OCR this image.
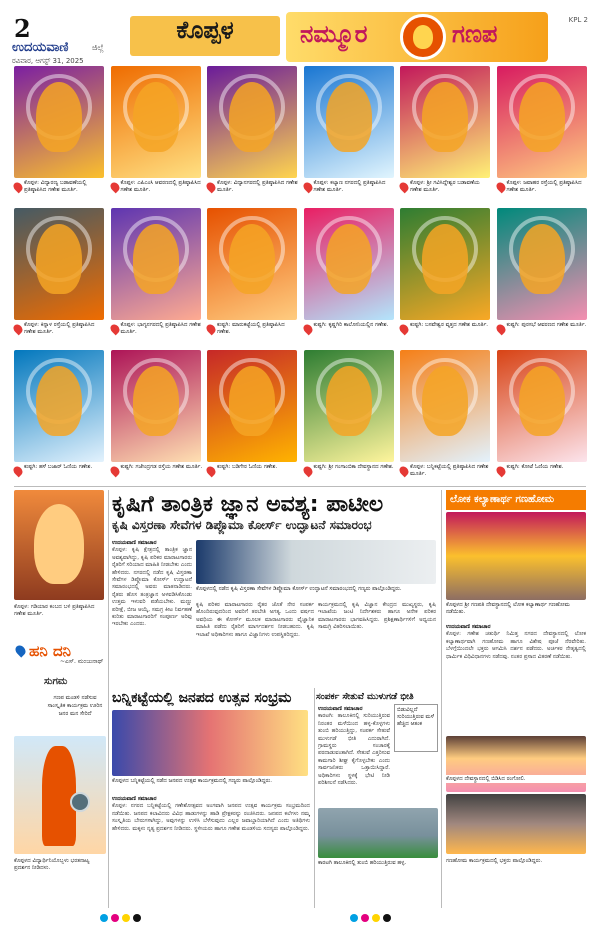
2
ಉದಯವಾಣಿ	ಜಿಲ್ಲೆ
ರವಿವಾರ, ಆಗಸ್ಟ್ 31, 2025
ಕೊಪ್ಪಳ	ನಮ್ಮೂರ	ಗಣಪ	KPL 2
ಕೊಪ್ಪಳ: ವಿದ್ಯಾರಣ್ಯ ಬಡಾವಣೆಯಲ್ಲಿ ಪ್ರತಿಷ್ಠಾಪಿಸಿದ ಗಣೇಶ ಮೂರ್ತಿ.
ಕೊಪ್ಪಳ: ಎಪಿಎಂಸಿ ಆವರಣದಲ್ಲಿ ಪ್ರತಿಷ್ಠಾಪಿಸಿದ ಗಣೇಶ ಮೂರ್ತಿ.
ಕೊಪ್ಪಳ: ವಿದ್ಯಾನಗರದಲ್ಲಿ ಪ್ರತಿಷ್ಠಾಪಿಸಿದ ಗಣೇಶ ಮೂರ್ತಿ.
ಕೊಪ್ಪಳ: ಕಲ್ಯಾಣ ನಗರದಲ್ಲಿ ಪ್ರತಿಷ್ಠಾಪಿಸಿದ ಗಣೇಶ ಮೂರ್ತಿ.
ಕೊಪ್ಪಳ: ಶ್ರೀ ಗವಿಸಿದ್ದೇಶ್ವರ ಬಡಾವಣೆಯ ಗಣೇಶ ಮೂರ್ತಿ.
ಕೊಪ್ಪಳ: ಜವಾಹರ ರಸ್ತೆಯಲ್ಲಿ ಪ್ರತಿಷ್ಠಾಪಿಸಿದ ಗಣೇಶ ಮೂರ್ತಿ.
ಕೊಪ್ಪಳ: ಕಿನ್ನಾಳ ರಸ್ತೆಯಲ್ಲಿ ಪ್ರತಿಷ್ಠಾಪಿಸಿದ ಗಣೇಶ ಮೂರ್ತಿ.
ಕೊಪ್ಪಳ: ಭಾಗ್ಯನಗರದಲ್ಲಿ ಪ್ರತಿಷ್ಠಾಪಿಸಿದ ಗಣೇಶ ಮೂರ್ತಿ.
ಕುಷ್ಟಗಿ: ಮಾರುಕಟ್ಟೆಯಲ್ಲಿ ಪ್ರತಿಷ್ಠಾಪಿಸಿದ ಗಣೇಶ.
ಕುಷ್ಟಗಿ: ಕೃಷ್ಣಗಿರಿ ಕಾಲೋನಿಯಲ್ಲಿನ ಗಣೇಶ.	ಕುಷ್ಟಗಿ: ಬಸವೇಶ್ವರ ವೃತ್ತದ ಗಣೇಶ ಮೂರ್ತಿ.	ಕುಷ್ಟಗಿ: ಪುರಸಭೆ ಆವರಣದ ಗಣೇಶ ಮೂರ್ತಿ.
ಕುಷ್ಟಗಿ: ಹಳೆ ಬಜಾರ್ ಓಣಿಯ ಗಣೇಶ.	ಕುಷ್ಟಗಿ: ಗಜೇಂದ್ರಗಡ ರಸ್ತೆಯ ಗಣೇಶ ಮೂರ್ತಿ.	ಕುಷ್ಟಗಿ: ಬಡಿಗೇರ ಓಣಿಯ ಗಣೇಶ.	ಕುಷ್ಟಗಿ: ಶ್ರೀ ಗಂಗಾಂಬಿಕಾ ದೇವಸ್ಥಾನದ ಗಣೇಶ.	ಕೊಪ್ಪಳ: ಬನ್ನಿಕಟ್ಟೆಯಲ್ಲಿ ಪ್ರತಿಷ್ಠಾಪಿಸಿದ ಗಣೇಶ ಮೂರ್ತಿ.
ಕುಷ್ಟಗಿ: ಕೋಟೆ ಓಣಿಯ ಗಣೇಶ.
ಕೊಪ್ಪಳ: ಗಡಿಯಾರ ಕಂಬದ ಬಳಿ ಪ್ರತಿಷ್ಠಾಪಿಸಿದ ಗಣೇಶ ಮೂರ್ತಿ.
ಹನಿ ದನಿ
~ಎಸ್. ಮಂಜುನಾಥ್
ಸುಗಮ
ಗಣಪ ಮಂಡಳಿ ನಡೆಸುವ ಸಾಂಸ್ಕೃತಿಕ ಕಾರ್ಯಕ್ರಮ ಊರಿನ ಜನರ ಮನ ಸೇರಿದೆ
ಕೊಪ್ಪಳದ ವಿದ್ಯಾರ್ಥಿನಿಯೊಬ್ಬಳು ಭರತನಾಟ್ಯ ಪ್ರದರ್ಶನ ನೀಡಿದಳು.
ಕೃಷಿಗೆ ತಾಂತ್ರಿಕ ಜ್ಞಾನ ಅವಶ್ಯ: ಪಾಟೀಲ
ಕೃಷಿ ವಿಸ್ತರಣಾ ಸೇವೆಗಳ ಡಿಪ್ಲೊಮಾ ಕೋರ್ಸ್ ಉದ್ಘಾಟನೆ ಸಮಾರಂಭ
ಉದಯವಾಣಿ ಸಮಾಚಾರ
ಕೊಪ್ಪಳ: ಕೃಷಿ ಕ್ಷೇತ್ರದಲ್ಲಿ ತಾಂತ್ರಿಕ ಜ್ಞಾನ ಅವಶ್ಯವಾಗಿದ್ದು, ಕೃಷಿ ಪರಿಕರ ಮಾರಾಟಗಾರರು ರೈತರಿಗೆ ಸರಿಯಾದ ಮಾಹಿತಿ ನೀಡಬೇಕು ಎಂದು ಹೇಳಿದರು. ನಗರದಲ್ಲಿ ನಡೆದ ಕೃಷಿ ವಿಸ್ತರಣಾ ಸೇವೆಗಳ ಡಿಪ್ಲೊಮಾ ಕೋರ್ಸ್ ಉದ್ಘಾಟನೆ ಸಮಾರಂಭದಲ್ಲಿ ಅವರು ಮಾತನಾಡಿದರು. ರೈತರು ಹೊಸ ತಂತ್ರಜ್ಞಾನ ಅಳವಡಿಸಿಕೊಂಡು ಉತ್ತಮ ಇಳುವರಿ ಪಡೆಯಬೇಕು. ಮಣ್ಣು ಪರೀಕ್ಷೆ, ಬೀಜ ಆಯ್ಕೆ, ಸಮಗ್ರ ಕೀಟ ನಿರ್ವಹಣೆ ಕುರಿತು ಮಾರಾಟಗಾರರಿಗೆ ಸಂಪೂರ್ಣ ಅರಿವು ಇರಬೇಕು ಎಂದರು.
ಕೊಪ್ಪಳದಲ್ಲಿ ನಡೆದ ಕೃಷಿ ವಿಸ್ತರಣಾ ಸೇವೆಗಳ ಡಿಪ್ಲೊಮಾ ಕೋರ್ಸ್ ಉದ್ಘಾಟನೆ ಸಮಾರಂಭದಲ್ಲಿ ಗಣ್ಯರು ಪಾಲ್ಗೊಂಡಿದ್ದರು.
ಕೃಷಿ ಪರಿಕರ ಮಾರಾಟಗಾರರು ರೈತರ ಜೊತೆ ನೇರ ಸಂಪರ್ಕ ಹೊಂದಿರುವುದರಿಂದ ಅವರಿಗೆ ತರಬೇತಿ ಅಗತ್ಯ. ಒಂದು ವರ್ಷದ ಅವಧಿಯ ಈ ಕೋರ್ಸ್ ಮೂಲಕ ಮಾರಾಟಗಾರರು ವೈಜ್ಞಾನಿಕ ಮಾಹಿತಿ ಪಡೆದು ರೈತರಿಗೆ ಮಾರ್ಗದರ್ಶನ ನೀಡಬಹುದು. ಕೃಷಿ ಇಲಾಖೆ ಅಧಿಕಾರಿಗಳು ಹಾಗೂ ವಿಜ್ಞಾನಿಗಳು ಉಪಸ್ಥಿತರಿದ್ದರು.
ಕಾರ್ಯಕ್ರಮದಲ್ಲಿ ಕೃಷಿ ವಿಜ್ಞಾನ ಕೇಂದ್ರದ ಮುಖ್ಯಸ್ಥರು, ಕೃಷಿ ಇಲಾಖೆಯ ಜಂಟಿ ನಿರ್ದೇಶಕರು ಹಾಗೂ ಅನೇಕ ಪರಿಕರ ಮಾರಾಟಗಾರರು ಭಾಗವಹಿಸಿದ್ದರು. ಪ್ರಶಿಕ್ಷಣಾರ್ಥಿಗಳಿಗೆ ಅಧ್ಯಯನ ಸಾಮಗ್ರಿ ವಿತರಿಸಲಾಯಿತು.
ಬನ್ನಿಕಟ್ಟೆಯಲ್ಲಿ ಜನಪದ ಉತ್ಸವ ಸಂಭ್ರಮ
ಕೊಪ್ಪಳದ ಬನ್ನಿಕಟ್ಟೆಯಲ್ಲಿ ನಡೆದ ಜನಪದ ಉತ್ಸವ ಕಾರ್ಯಕ್ರಮದಲ್ಲಿ ಗಣ್ಯರು ಪಾಲ್ಗೊಂಡಿದ್ದರು.
ಉದಯವಾಣಿ ಸಮಾಚಾರ
ಕೊಪ್ಪಳ: ನಗರದ ಬನ್ನಿಕಟ್ಟೆಯಲ್ಲಿ ಗಣೇಶೋತ್ಸವದ ಅಂಗವಾಗಿ ಜನಪದ ಉತ್ಸವ ಕಾರ್ಯಕ್ರಮ ಸಂಭ್ರಮದಿಂದ ನಡೆಯಿತು. ಜನಪದ ಕಲಾವಿದರು ವಿವಿಧ ಹಾಡುಗಳನ್ನು ಹಾಡಿ ಪ್ರೇಕ್ಷಕರನ್ನು ರಂಜಿಸಿದರು. ಜನಪದ ಕಲೆಗಳು ನಮ್ಮ ಸಂಸ್ಕೃತಿಯ ಬೇರುಗಳಾಗಿದ್ದು, ಅವುಗಳನ್ನು ಉಳಿಸಿ ಬೆಳೆಸುವುದು ಎಲ್ಲರ ಜವಾಬ್ದಾರಿಯಾಗಿದೆ ಎಂದು ಅತಿಥಿಗಳು ಹೇಳಿದರು. ಮಕ್ಕಳು ನೃತ್ಯ ಪ್ರದರ್ಶನ ನೀಡಿದರು. ಸ್ಥಳೀಯರು ಹಾಗೂ ಗಣೇಶ ಮಂಡಳಿಯ ಸದಸ್ಯರು ಪಾಲ್ಗೊಂಡಿದ್ದರು.
ಸಂಪರ್ಕ ಸೇತುವೆ ಮುಳುಗಡೆ ಭೀತಿ
ಬಿಡುವಿಲ್ಲದೆ ಸುರಿಯುತ್ತಿರುವ ಮಳೆ ಹೆಚ್ಚಿದ ಆತಂಕ
ಉದಯವಾಣಿ ಸಮಾಚಾರ
ಕಾರಟಗಿ: ತಾಲೂಕಿನಲ್ಲಿ ಸುರಿಯುತ್ತಿರುವ ನಿರಂತರ ಮಳೆಯಿಂದ ಹಳ್ಳ-ಕೊಳ್ಳಗಳು ತುಂಬಿ ಹರಿಯುತ್ತಿದ್ದು, ಸಂಪರ್ಕ ಸೇತುವೆ ಮುಳುಗಡೆ ಭೀತಿ ಎದುರಾಗಿದೆ. ಗ್ರಾಮಸ್ಥರು ಸಂಚಾರಕ್ಕೆ ಪರದಾಡುವಂತಾಗಿದೆ. ಸೇತುವೆ ಎತ್ತರಿಸುವ ಕಾಮಗಾರಿ ಶೀಘ್ರ ಕೈಗೊಳ್ಳಬೇಕು ಎಂದು ಸಾರ್ವಜನಿಕರು ಒತ್ತಾಯಿಸಿದ್ದಾರೆ. ಅಧಿಕಾರಿಗಳು ಸ್ಥಳಕ್ಕೆ ಭೇಟಿ ನೀಡಿ ಪರಿಶೀಲನೆ ನಡೆಸಿದರು.
ಕಾರಟಗಿ ತಾಲೂಕಿನಲ್ಲಿ ತುಂಬಿ ಹರಿಯುತ್ತಿರುವ ಹಳ್ಳ.
ಲೋಕ ಕಲ್ಯಾಣಾರ್ಥ ಗಣಹೋಮ
ಕೊಪ್ಪಳದ ಶ್ರೀ ಗಣಪತಿ ದೇವಸ್ಥಾನದಲ್ಲಿ ಲೋಕ ಕಲ್ಯಾಣಾರ್ಥ ಗಣಹೋಮ ನಡೆಯಿತು.
ಉದಯವಾಣಿ ಸಮಾಚಾರ
ಕೊಪ್ಪಳ: ಗಣೇಶ ಚತುರ್ಥಿ ನಿಮಿತ್ತ ನಗರದ ದೇವಸ್ಥಾನದಲ್ಲಿ ಲೋಕ ಕಲ್ಯಾಣಾರ್ಥವಾಗಿ ಗಣಹೋಮ ಹಾಗೂ ವಿಶೇಷ ಪೂಜೆ ನೆರವೇರಿತು. ಬೆಳಗ್ಗೆಯಿಂದಲೇ ಭಕ್ತರು ಆಗಮಿಸಿ ದರ್ಶನ ಪಡೆದರು. ಅರ್ಚಕರ ನೇತೃತ್ವದಲ್ಲಿ ಧಾರ್ಮಿಕ ವಿಧಿವಿಧಾನಗಳು ನಡೆದವು. ನಂತರ ಪ್ರಸಾದ ವಿತರಣೆ ನಡೆಯಿತು.
ಕೊಪ್ಪಳದ ದೇವಸ್ಥಾನದಲ್ಲಿ ಬಿಡಿಸಿದ ರಂಗೋಲಿ.
ಗಣಹೋಮ ಕಾರ್ಯಕ್ರಮದಲ್ಲಿ ಭಕ್ತರು ಪಾಲ್ಗೊಂಡಿದ್ದರು.
